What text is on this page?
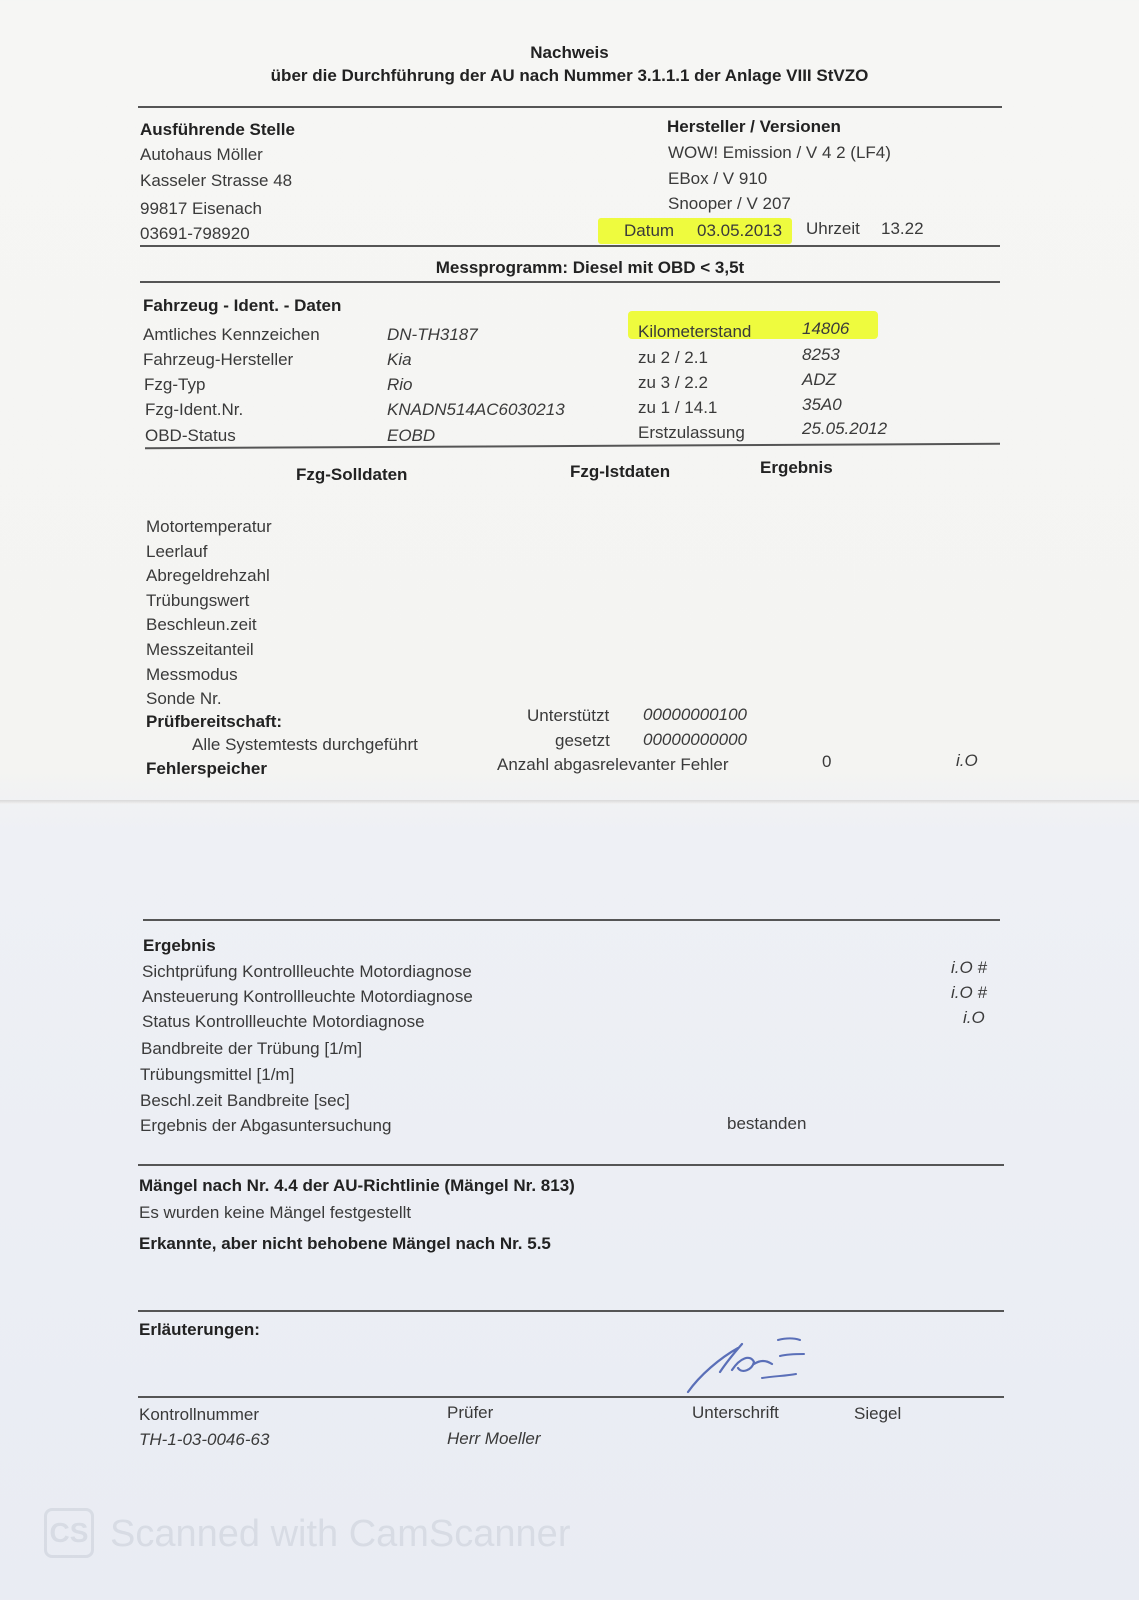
Nachweis
über die Durchführung der AU nach Nummer 3.1.1.1 der Anlage VIII StVZO
Ausführende Stelle
Autohaus Möller
Kasseler Strasse 48
99817 Eisenach
03691-798920
Hersteller / Versionen
WOW! Emission / V 4 2 (LF4)
EBox / V 910
Snooper / V 207
Datum 03.05.2013 Uhrzeit 13.22
Messprogramm: Diesel mit OBD < 3,5t
Fahrzeug - Ident. - Daten
Amtliches Kennzeichen	DN-TH3187
Fahrzeug-Hersteller	Kia
Fzg-Typ	Rio
Fzg-Ident.Nr.	KNADN514AC6030213
OBD-Status	EOBD
Kilometerstand	14806
zu 2 / 2.1	8253
zu 3 / 2.2	ADZ
zu 1 / 14.1	35A0
Erstzulassung	25.05.2012
Fzg-Solldaten	Fzg-Istdaten	Ergebnis
Motortemperatur
Leerlauf
Abregeldrehzahl
Trübungswert
Beschleun.zeit
Messzeitanteil
Messmodus
Sonde Nr.
Prüfbereitschaft:
Alle Systemtests durchgeführt
Unterstützt 00000000100
gesetzt 00000000000
Fehlerspeicher	Anzahl abgasrelevanter Fehler	0	i.O
Ergebnis
Sichtprüfung Kontrollleuchte Motordiagnose	i.O #
Ansteuerung Kontrollleuchte Motordiagnose	i.O #
Status Kontrollleuchte Motordiagnose	i.O
Bandbreite der Trübung [1/m]
Trübungsmittel [1/m]
Beschl.zeit Bandbreite [sec]
Ergebnis der Abgasuntersuchung	bestanden
Mängel nach Nr. 4.4 der AU-Richtlinie (Mängel Nr. 813)
Es wurden keine Mängel festgestellt
Erkannte, aber nicht behobene Mängel nach Nr. 5.5
Erläuterungen:
Kontrollnummer
TH-1-03-0046-63
Prüfer
Herr Moeller
Unterschrift	Siegel
CS Scanned with CamScanner
